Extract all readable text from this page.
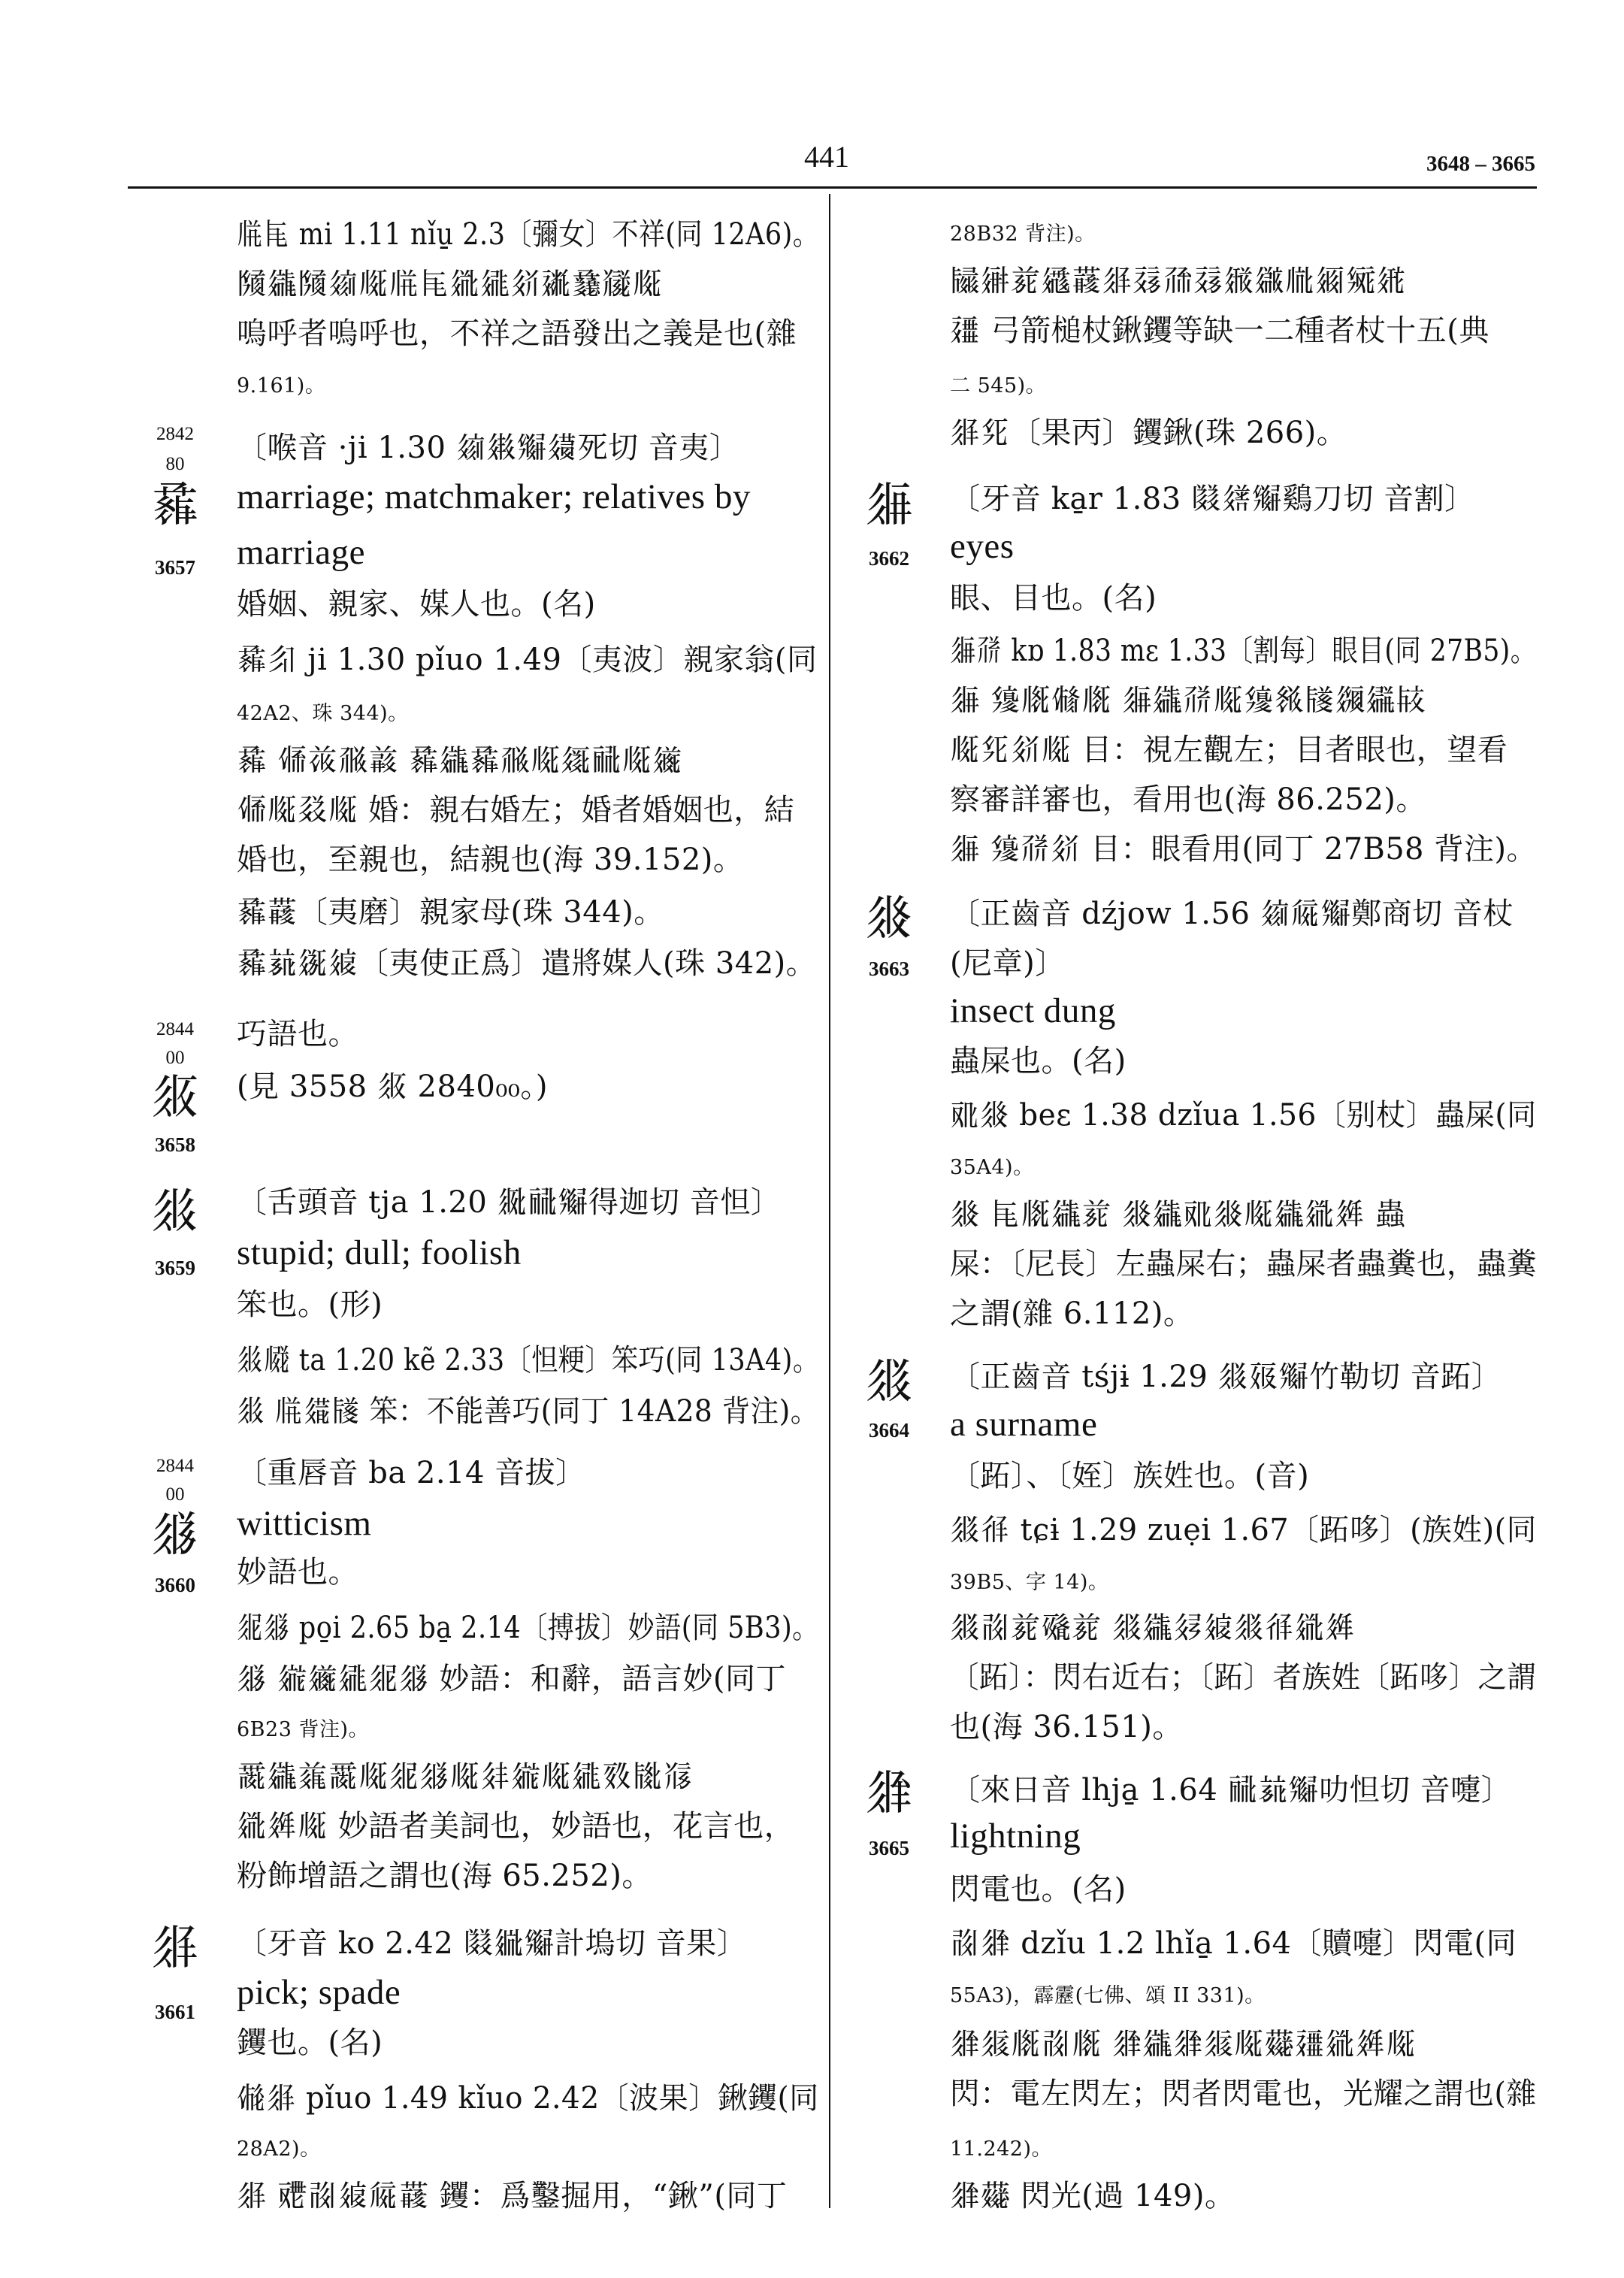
441	3648 – 3665
𗄼𗹭 mi 1.11 nǐu̱ 2.3〔彌女〕不祥(同 12A6)。
𗂧𗪘𗂧𗦻𗅉𗄼𗹭𗥦𗧓𗢿𗡶𗲼𗮔𗅉
嗚呼者嗚呼也，不祥之語發出之義是也(雜
9.161)。
2842
80
𗲅
〔喉音 ·ji 1.30 𗦻𗦈𗌗𗩈死切 音夷〕
marriage; matchmaker; relatives by
3657	marriage
婚姻、親家、媒人也。(名)
𗲅𗼃 ji 1.30 pǐuo 1.49〔夷波〕親家翁(同
42A2、珠 344)。
𗲅 𗃝𗐲𗳌𗓁 𗲅𗪘𗲅𗳌𗅉𗧯𗟻𗅉𗫂
𗃝𗅉𗳦𗅉 婚：親右婚左；婚者婚姻也，結
婚也，至親也，結親也(海 39.152)。
𗲅𗞞〔夷磨〕親家母(珠 344)。
𗲅𗭪𗥮𗦺〔夷使正爲〕遣將媒人(珠 342)。
2844
00
𗼇
巧語也。
3658
(見 3558 𗼇 2840₀₀。)
𗼈 〔舌頭音 tja 1.20 𗼒𗟻𗌗得迦切 音怛〕
stupid; dull; foolish
3659
笨也。(形)
𗼈𗆧 ta 1.20 kẽ 2.33〔怛粳〕笨巧(同 13A4)。
𗼈 𗄼𗧨𗡽 笨：不能善巧(同丁 14A28 背注)。
2844
00
〔重唇音 ba 2.14 音拔〕
𗼉 witticism
3660	妙語也。
𗼊𗼉 po̱i 2.65 ba̱ 2.14〔搏拔〕妙語(同 5B3)。
𗼉 𗨁𗫂𗧓𗼊𗼉 妙語：和辭，語言妙(同丁
6B23 背注)。
𗵘𗪘𗒀𗵘𗅉𗼊𗼉𗅉𗢳𗨁𗅉𗧓𗸦𗡼𗭼
𗥦𗤶𗅉 妙語者美詞也，妙語也，花言也，
粉飾增語之謂也(海 65.252)。
𗼋 〔牙音 ko 2.42 𗂸𗥔𗌗計塢切 音果〕
pick; spade
3661
钁也。(名)
𗃡𗼋 pǐuo 1.49 kǐuo 2.42〔波果〕鍬钁(同
28A2)。
𗼋 𗠷𗰖𗦺𗏁𗞞 钁：爲鑿掘用，“鍬”(同丁
28B32 背注)。
𗡾𗦚𗐱𗪰𗞞𗼋𗡬𗗙𗡬𗨽𗫡𗄻𗥃𗋁𗤽
𗡸 弓箭槌杖鍬钁等缺一二種者杖十五(典
二 545)。
𗼋𗉺〔果丙〕钁鍬(珠 266)。
𗼌 〔牙音 ka̱r 1.83 𗂸𗨐𗌗鷄刀切 音割〕
3662	eyes
眼、目也。(名)
𗼌𗗗 kɒ 1.83 mɛ 1.33〔割每〕眼目(同 27B5)。
𗼌 𗋻𗅋𗃵𗅋 𗼌𗪘𗗗𗅉𗋻𗬩𗡽𗨴𗪪𗢀
𗅉𗉺𗢿𗅉 目：視左觀左；目者眼也，望看
察審詳審也，看用也(海 86.252)。
𗼌 𗋻𗗗𗢿 目：眼看用(同丁 27B58 背注)。
𗼍 〔正齒音 dźjow 1.56 𗦻𗏁𗌗鄭商切 音杖
3663	(尼章)〕
insect dung
蟲屎也。(名)
𗠅𗼍 beɛ 1.38 dzǐua 1.56〔别杖〕蟲屎(同
35A4)。
𗼍 𗹭𗅋𗪘𗐱 𗼍𗪘𗠅𗼍𗅉𗪘𗥦𗤶 蟲
屎：〔尼長〕左蟲屎右；蟲屎者蟲糞也，蟲糞
之謂(雜 6.112)。
𗼎 〔正齒音 tśjɨ 1.29 𗼎𗡞𗌗竹勒切 音跖〕
3664	a surname
〔跖〕、〔姪〕族姓也。(音)
𗼎𗢏 tɕɨ 1.29 zuẹi 1.67〔跖哆〕(族姓)(同
39B5、字 14)。
𗼎𗰖𗐱𗹛𗐱 𗼎𗪘𗢮𗦺𗼎𗢏𗥦𗤶
〔跖〕：閃右近右；〔跖〕者族姓〔跖哆〕之謂
也(海 36.151)。
𗼏 〔來日音 lhja̱ 1.64 𗟻𗭪𗌗叻怛切 音嚏〕
3665	lightning
閃電也。(名)
𗰖𗼏 dzǐu 1.2 lhǐa̱ 1.64〔贖嚏〕閃電(同
55A3)，霹靂(七佛、頌 II 331)。
𗼏𗼐𗅋𗰖𗅋 𗼏𗪘𗼏𗼐𗅉𗞴𗡸𗥦𗤶𗅉
閃：電左閃左；閃者閃電也，光耀之謂也(雜
11.242)。
𗼏𗞴 閃光(過 149)。
